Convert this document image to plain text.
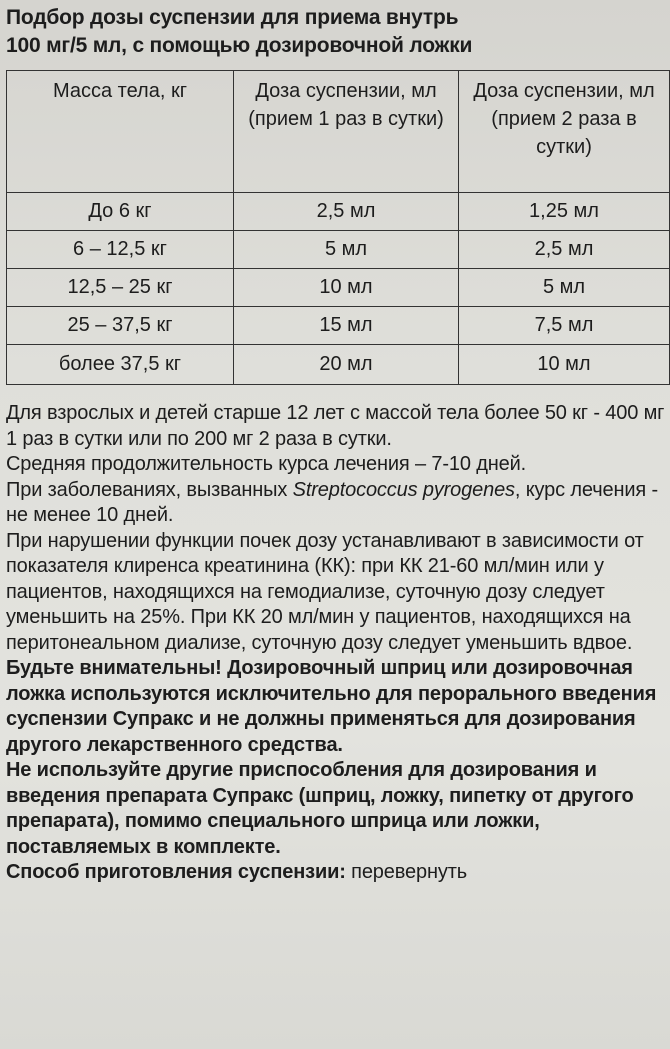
Подбор дозы суспензии для приема внутрь
100 мг/5 мл, с помощью дозировочной ложки
Масса тела, кг	Доза суспензии, мл (прием 1 раз в сутки)	Доза суспензии, мл (прием 2 раза в сутки)
До 6 кг	2,5 мл	1,25 мл
6 – 12,5 кг	5 мл	2,5 мл
12,5 – 25 кг	10 мл	5 мл
25 – 37,5 кг	15 мл	7,5 мл
более 37,5 кг	20 мл	10 мл

Для взрослых и детей старше 12 лет с массой тела более 50 кг - 400 мг 1 раз в сутки или по 200 мг 2 раза в сутки.

Средняя продолжительность курса лечения – 7-10 дней.

При заболеваниях, вызванных Streptococcus pyrogenes, курс лечения - не менее 10 дней.

При нарушении функции почек дозу устанавливают в зависимости от показателя клиренса креатинина (КК): при КК 21-60 мл/мин или у пациентов, находящихся на гемодиализе, суточную дозу следует уменьшить на 25%. При КК 20 мл/мин у пациентов, находящихся на перитонеальном диализе, суточную дозу следует уменьшить вдвое.

Будьте внимательны! Дозировочный шприц или дозировочная ложка используются исключительно для перорального введения суспензии Супракс и не должны применяться для дозирования другого лекарственного средства.

Не используйте другие приспособления для дозирования и введения препарата Супракс (шприц, ложку, пипетку от другого препарата), помимо специального шприца или ложки, поставляемых в комплекте.

Способ приготовления суспензии: перевернуть
